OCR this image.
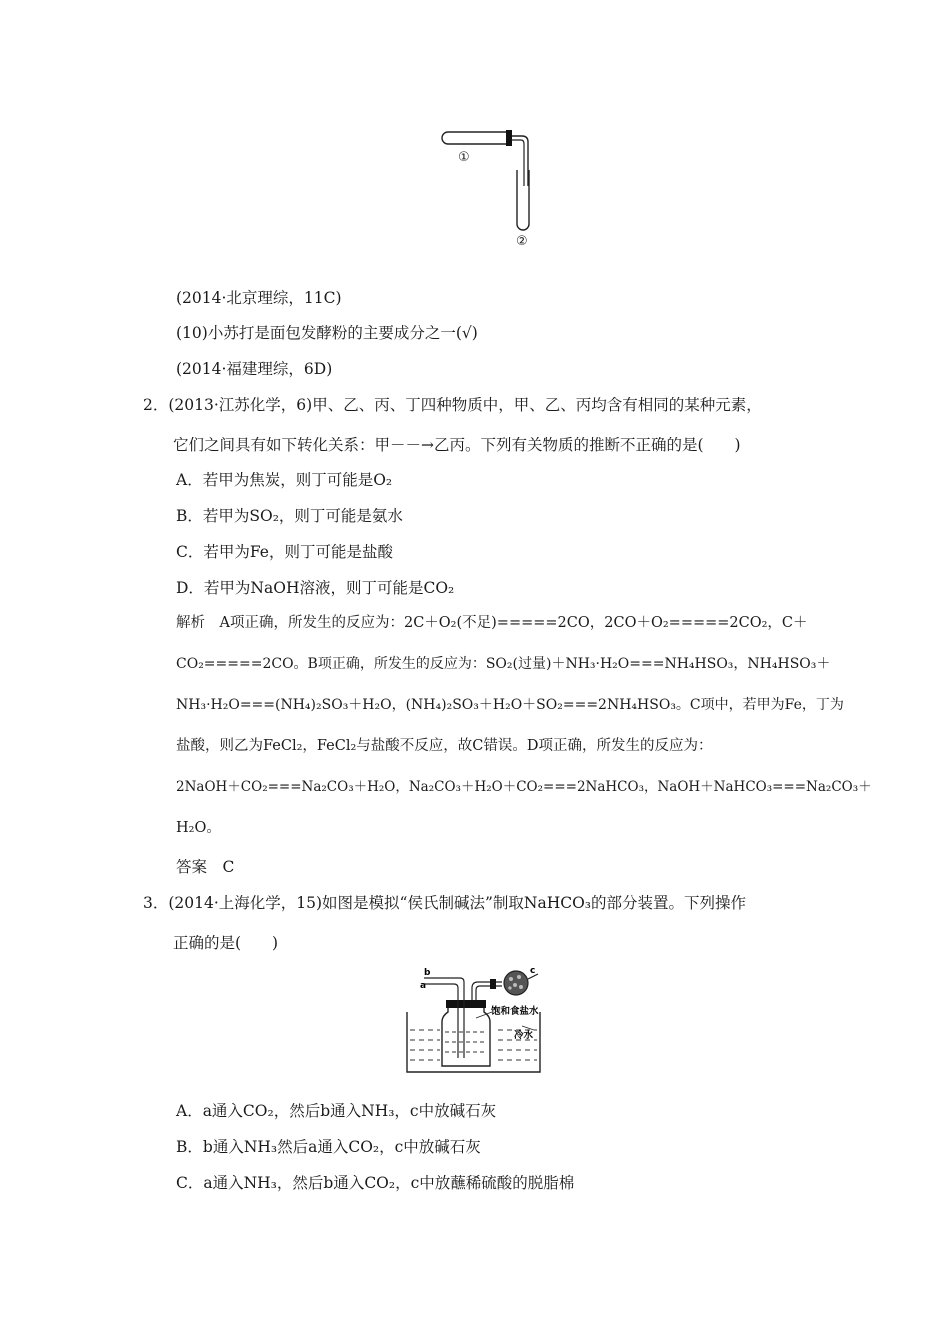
①
②
(2014·北京理综，11C)
(10)小苏打是面包发酵粉的主要成分之一(√)
(2014·福建理综，6D)
2．(2013·江苏化学，6)甲、乙、丙、丁四种物质中，甲、乙、丙均含有相同的某种元素，
它们之间具有如下转化关系：甲－－→乙丙。下列有关物质的推断不正确的是(　　)
A．若甲为焦炭，则丁可能是O₂
B．若甲为SO₂，则丁可能是氨水
C．若甲为Fe，则丁可能是盐酸
D．若甲为NaOH溶液，则丁可能是CO₂
解析　A项正确，所发生的反应为：2C＋O₂(不足)=====2CO，2CO＋O₂=====2CO₂，C＋
CO₂=====2CO。B项正确，所发生的反应为：SO₂(过量)＋NH₃·H₂O===NH₄HSO₃，NH₄HSO₃＋
NH₃·H₂O===(NH₄)₂SO₃＋H₂O，(NH₄)₂SO₃＋H₂O＋SO₂===2NH₄HSO₃。C项中，若甲为Fe，丁为
盐酸，则乙为FeCl₂，FeCl₂与盐酸不反应，故C错误。D项正确，所发生的反应为：
2NaOH＋CO₂===Na₂CO₃＋H₂O，Na₂CO₃＋H₂O＋CO₂===2NaHCO₃，NaOH＋NaHCO₃===Na₂CO₃＋
H₂O。
答案　C
3．(2014·上海化学，15)如图是模拟“侯氏制碱法”制取NaHCO₃的部分装置。下列操作
正确的是(　　)
a
b	c
饱和食盐水
冷水
A．a通入CO₂，然后b通入NH₃，c中放碱石灰
B．b通入NH₃然后a通入CO₂，c中放碱石灰
C．a通入NH₃，然后b通入CO₂，c中放蘸稀硫酸的脱脂棉
